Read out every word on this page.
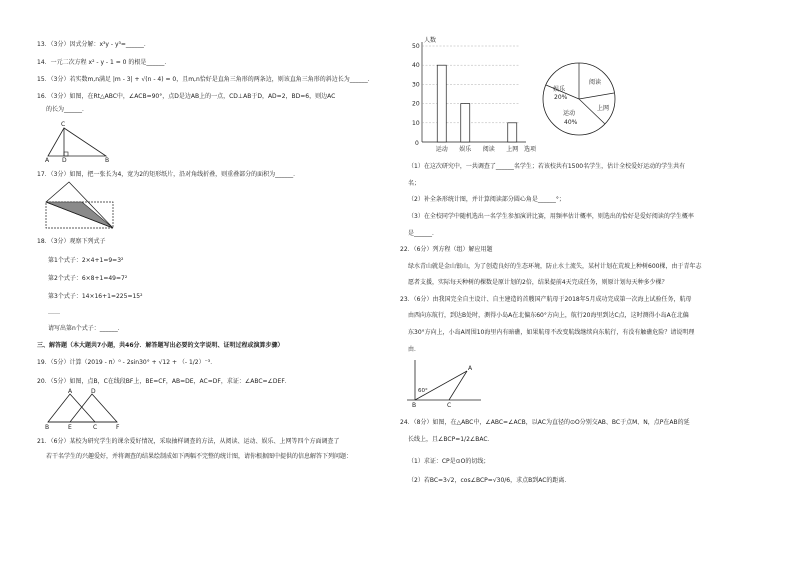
13．（3分）因式分解：x³y - y³=______．
14．一元二次方程 x² - y - 1 = 0 的根是______．
15．（3分）若实数m,n满足 |m - 3| + √(n - 4) = 0，且m,n恰好是直角三角形的两条边，则该直角三角形的斜边长为______．
16．（3分）如图，在Rt△ABC中，∠ACB=90°，点D是边AB上的一点，CD⊥AB于D，AD=2，BD=6，则边AC
的长为______．
C
A D	B
17．（3分）如图，把一张长为4，宽为2的矩形纸片，沿对角线折叠，则重叠部分的面积为______．
18．（3分）观察下列式子
第1个式子：2×4+1=9=3²
第2个式子：6×8+1=49=7²
第3个式子：14×16+1=225=15²
……
请写出第n个式子：______．
三、解答题（本大题共7小题，共46分．解答题写出必要的文字说明、证明过程或演算步骤）
19．（5分）计算（2019 - π）⁰ - 2sin30° + √12 + （- 1/2）⁻³．
20．（5分）如图，点B，C在线段BF上，BE=CF，AB=DE，AC=DF，求证：∠ABC=∠DEF．
A	D
B	E	C	F
21．（6分）某校为研究学生的课余爱好情况，采取抽样调查的方法，从阅读、运动、娱乐、上网等四个方面调查了
若干名学生的兴趣爱好，并将调查的结果绘制成如下两幅不完整的统计图，请你根据图中提供的信息解答下列问题：
人数
选项
0
10
20
30
40
50
运动 娱乐 阅读 上网
阅读
娱乐
20%
运动
40%
上网
（1）在这次研究中，一共调查了______名学生；若该校共有1500名学生，估计全校爱好运动的学生共有
名；
（2）补全条形统计图，并计算阅读部分圆心角是______°；
（3）在全校同学中随机选出一名学生参加演讲比赛，用频率估计概率，则选出的恰好是爱好阅读的学生概率
是______．
22．（6分）列方程（组）解应用题
绿水青山就是金山银山，为了创造良好的生态环境，防止水土流失，某村计划在荒坡上种树600棵，由于青年志
愿者支援，实际每天种树的棵数是原计划的2倍，结果提前4天完成任务，则原计划每天种多少棵？
23．（6分）由我国完全自主设计、自主建造的首艘国产航母于2018年5月成功完成第一次海上试验任务，航母
由西向东航行，到达B处时，测得小岛A在北偏东60°方向上，航行20海里到达C点，这时测得小岛A在北偏
东30°方向上，小岛A周围10海里内有暗礁，如果航母不改变航线继续向东航行，有没有触礁危险？请说明理
由．
60°
A
B	C
24．（8分）如图，在△ABC中，∠ABC=∠ACB，以AC为直径的⊙O分别交AB、BC于点M、N，点P在AB的延
长线上，且∠BCP=1/2∠BAC．
（1）求证：CP是⊙O的切线；
（2）若BC=3√2，cos∠BCP=√30/6，求点B到AC的距离．
